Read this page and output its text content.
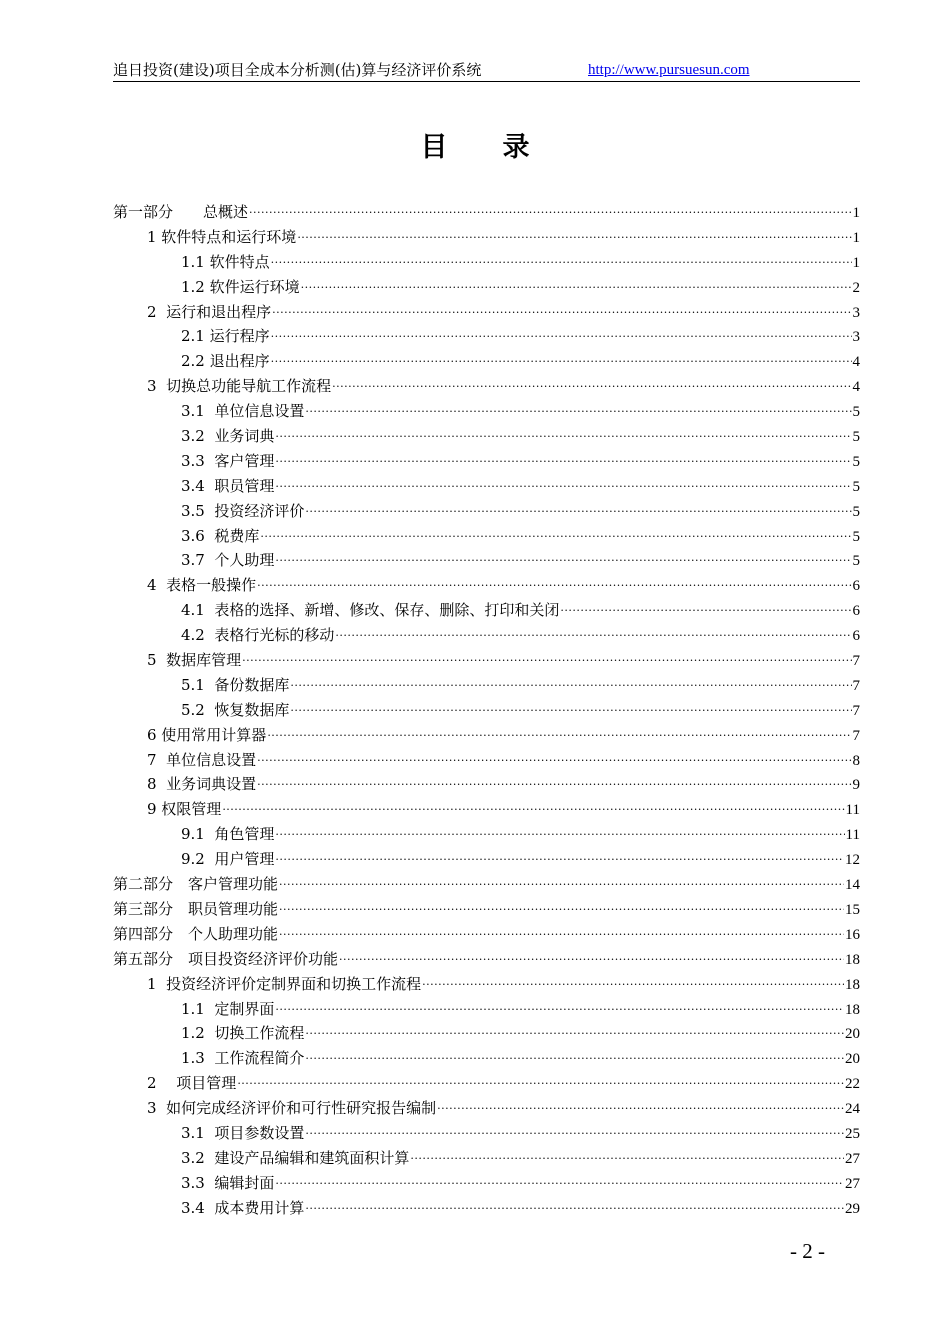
追日投资(建设)项目全成本分析测(估)算与经济评价系统	http://www.pursuesun.com
目录
第一部分　　总概述 .....	1
1 软件特点和运行环境 .....	1
1.1 软件特点 .....	1
1.2 软件运行环境 .....	2
2  运行和退出程序 .....	3
2.1 运行程序 .....	3
2.2 退出程序 .....	4
3  切换总功能导航工作流程 .....	4
3.1  单位信息设置 .....	5
3.2  业务词典 .....	5
3.3  客户管理 .....	5
3.4  职员管理 .....	5
3.5  投资经济评价 .....	5
3.6  税费库 .....	5
3.7  个人助理 .....	5
4  表格一般操作 .....	6
4.1  表格的选择、新增、修改、保存、删除、打印和关闭 .....	6
4.2  表格行光标的移动 .....	6
5  数据库管理 .....	7
5.1  备份数据库 .....	7
5.2  恢复数据库 .....	7
6 使用常用计算器 .....	7
7  单位信息设置 .....	8
8  业务词典设置 .....	9
9 权限管理 .....	11
9.1  角色管理 .....	11
9.2  用户管理 .....	12
第二部分　客户管理功能 .....	14
第三部分　职员管理功能 .....	15
第四部分　个人助理功能 .....	16
第五部分　项目投资经济评价功能 .....	18
1  投资经济评价定制界面和切换工作流程 .....	18
1.1  定制界面 .....	18
1.2  切换工作流程 .....	20
1.3  工作流程简介 .....	20
2　 项目管理 .....	22
3  如何完成经济评价和可行性研究报告编制 .....	24
3.1  项目参数设置 .....	25
3.2  建设产品编辑和建筑面积计算 .....	27
3.3  编辑封面 .....	27
3.4  成本费用计算 .....	29
- 2 -
